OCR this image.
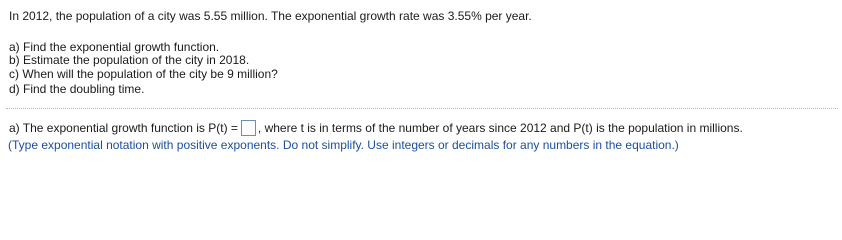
In 2012, the population of a city was 5.55 million. The exponential growth rate was 3.55% per year.
a) Find the exponential growth function.
b) Estimate the population of the city in 2018.
c) When will the population of the city be 9 million?
d) Find the doubling time.
a) The exponential growth function is P(t) = , where t is in terms of the number of years since 2012 and P(t) is the population in millions.
(Type exponential notation with positive exponents. Do not simplify. Use integers or decimals for any numbers in the equation.)
